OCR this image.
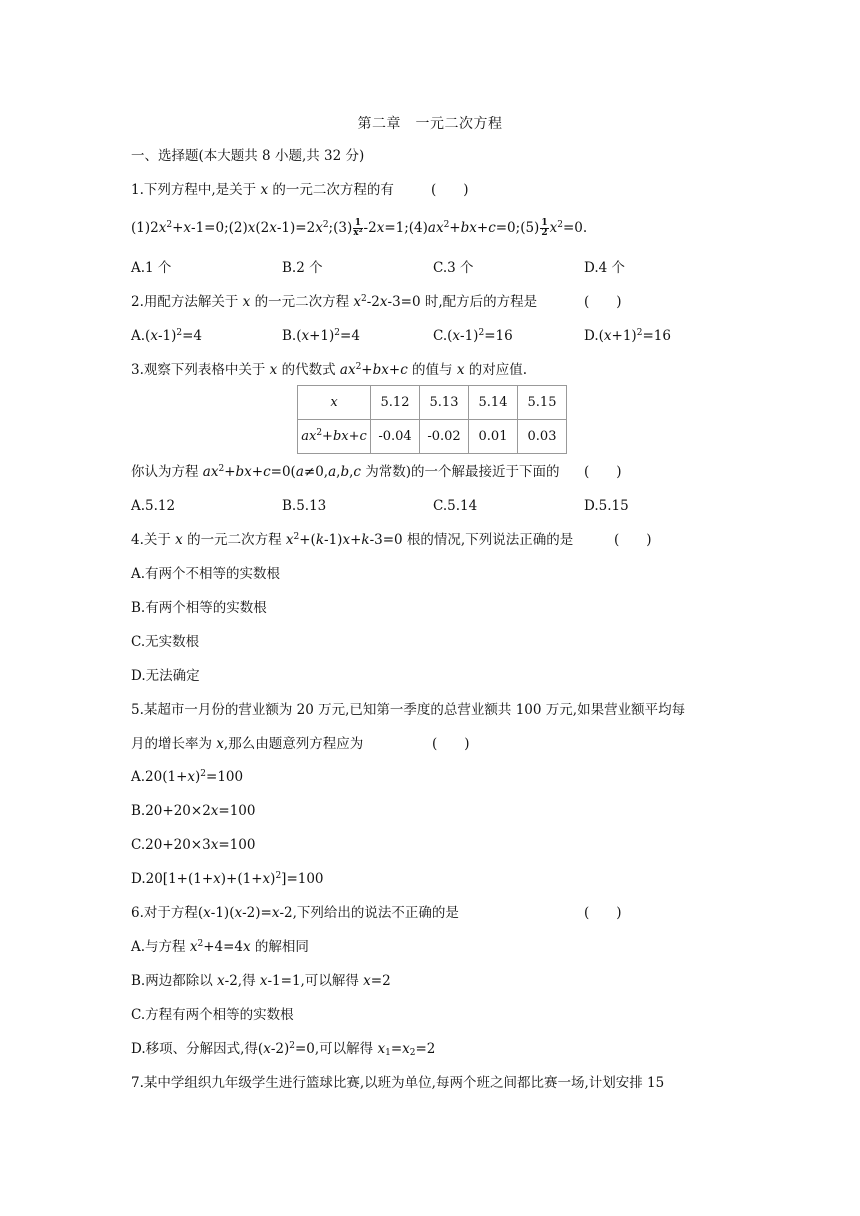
第二章　一元二次方程
一、选择题(本大题共 8 小题,共 32 分)
1.下列方程中,是关于 x 的一元二次方程的有	(　　)
$(1)2x^2+x-1=0;(2)x(2x-1)=2x^2;(3) \frac{1}{\text{x²}}$ $-2x=1;(4)ax^2+bx+c=0;(5) \frac{1}{2} x^2=0$.
A.1 个	B.2 个	C.3 个	D.4 个
2.用配方法解关于 x 的一元二次方程 $x^2-2x-3=0$ 时,配方后的方程是	(　　)
$A.(x-1)^2=4$	$B.(x+1)^2=4$	$C.(x-1)^2=16$	$D.(x+1)^2=16$
3.观察下列表格中关于 x 的代数式 $ax^2+bx+c$ 的值与 x 的对应值.
x	5.12	5.13	5.14	5.15
$ax^2+bx+c$	-0.04	-0.02	0.01	0.03
你认为方程 $ax^2+bx+c=0(a\ne 0,a,b,c$ 为常数)的一个解最接近于下面的 (　　)
A.5.12	B.5.13	C.5.14	D.5.15
4.关于 x 的一元二次方程 $x^2+(k-1)x+k-3=0$ 根的情况,下列说法正确的是	(　　)
A.有两个不相等的实数根
B.有两个相等的实数根
C.无实数根
D.无法确定
5.某超市一月份的营业额为 20 万元,已知第一季度的总营业额共 100 万元,如果营业额平均每
月的增长率为 x,那么由题意列方程应为	(　　)
$A.20(1+x)^2=100$
B.20+20×2x=100
C.20+20×3x=100
$D.20[1+(1+x)+(1+x)^2]=100$
6.对于方程(x-1)(x-2)=x-2,下列给出的说法不正确的是	(　　)
A.与方程 $x^2+4=4x$ 的解相同
B.两边都除以 x-2,得 x-1=1,可以解得 x=2
C.方程有两个相等的实数根
D.移项、分解因式,得$(x-2)^2=0$,可以解得 $x_1=x_2=2$
7.某中学组织九年级学生进行篮球比赛,以班为单位,每两个班之间都比赛一场,计划安排 15
